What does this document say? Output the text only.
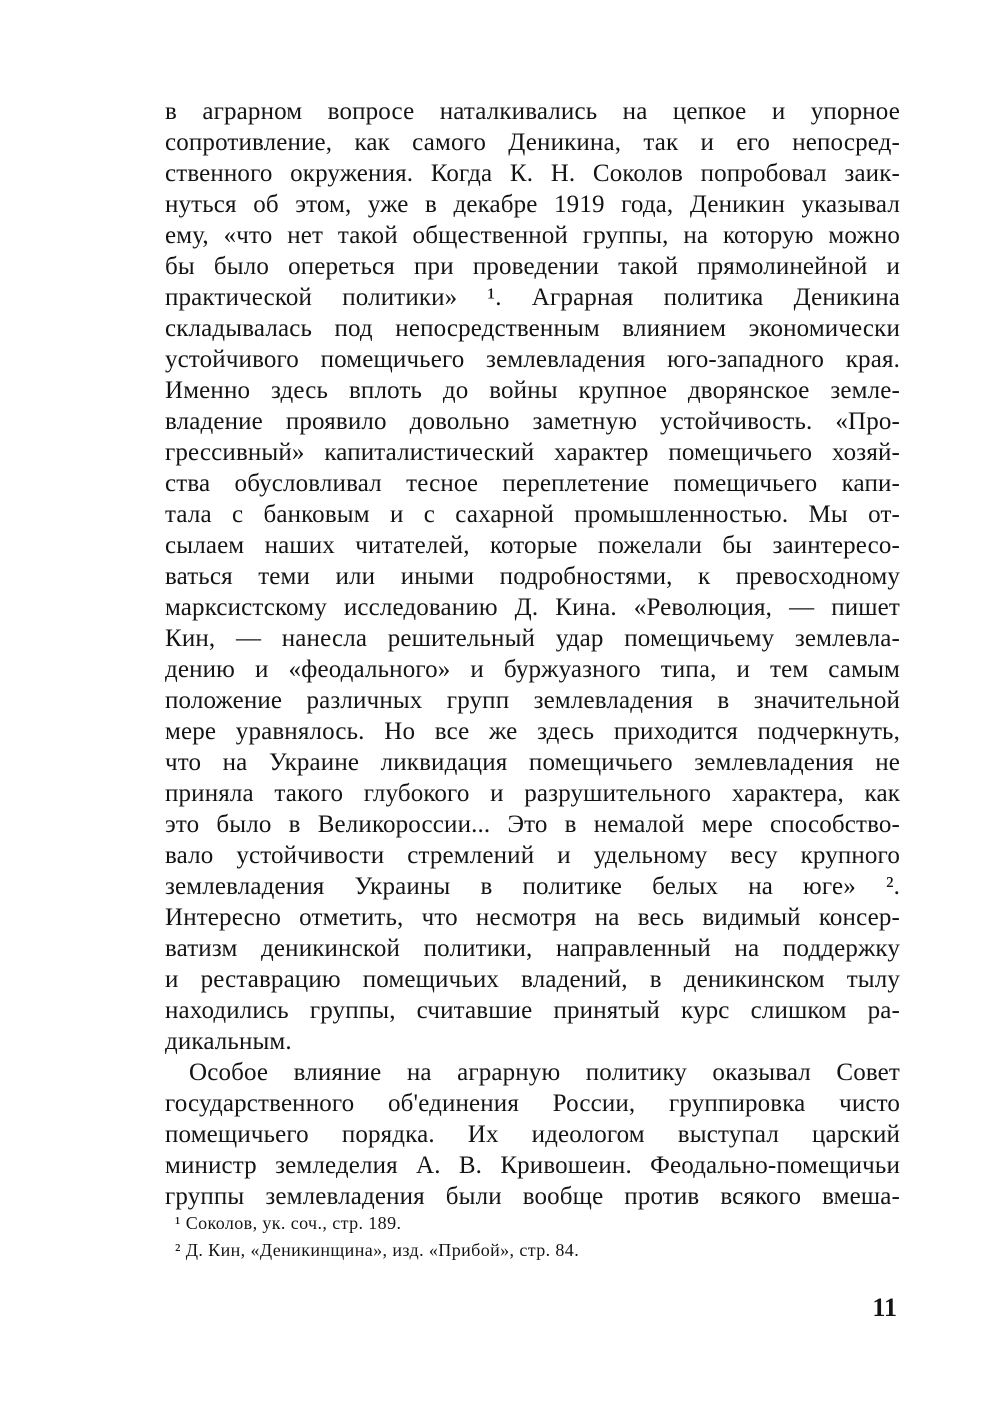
в аграрном вопросе наталкивались на цепкое и упорное
сопротивление, как самого Деникина, так и его непосред-
ственного окружения. Когда К. Н. Соколов попробовал заик-
нуться об этом, уже в декабре 1919 года, Деникин указывал
ему, «что нет такой общественной группы, на которую можно
бы было опереться при проведении такой прямолинейной и
практической политики» ¹. Аграрная политика Деникина
складывалась под непосредственным влиянием экономически
устойчивого помещичьего землевладения юго-западного края.
Именно здесь вплоть до войны крупное дворянское земле-
владение проявило довольно заметную устойчивость. «Про-
грессивный» капиталистический характер помещичьего хозяй-
ства обусловливал тесное переплетение помещичьего капи-
тала с банковым и с сахарной промышленностью. Мы от-
сылаем наших читателей, которые пожелали бы заинтересо-
ваться теми или иными подробностями, к превосходному
марксистскому исследованию Д. Кина. «Революция, — пишет
Кин, — нанесла решительный удар помещичьему землевла-
дению и «феодального» и буржуазного типа, и тем самым
положение различных групп землевладения в значительной
мере уравнялось. Но все же здесь приходится подчеркнуть,
что на Украине ликвидация помещичьего землевладения не
приняла такого глубокого и разрушительного характера, как
это было в Великороссии... Это в немалой мере способство-
вало устойчивости стремлений и удельному весу крупного
землевладения Украины в политике белых на юге» ².
Интересно отметить, что несмотря на весь видимый консер-
ватизм деникинской политики, направленный на поддержку
и реставрацию помещичьих владений, в деникинском тылу
находились группы, считавшие принятый курс слишком ра-
дикальным.
Особое влияние на аграрную политику оказывал Совет
государственного об'единения России, группировка чисто
помещичьего порядка. Их идеологом выступал царский
министр земледелия А. В. Кривошеин. Феодально-помещичьи
группы землевладения были вообще против всякого вмеша-
¹ Соколов, ук. соч., стр. 189.
² Д. Кин, «Деникинщина», изд. «Прибой», стр. 84.
11
